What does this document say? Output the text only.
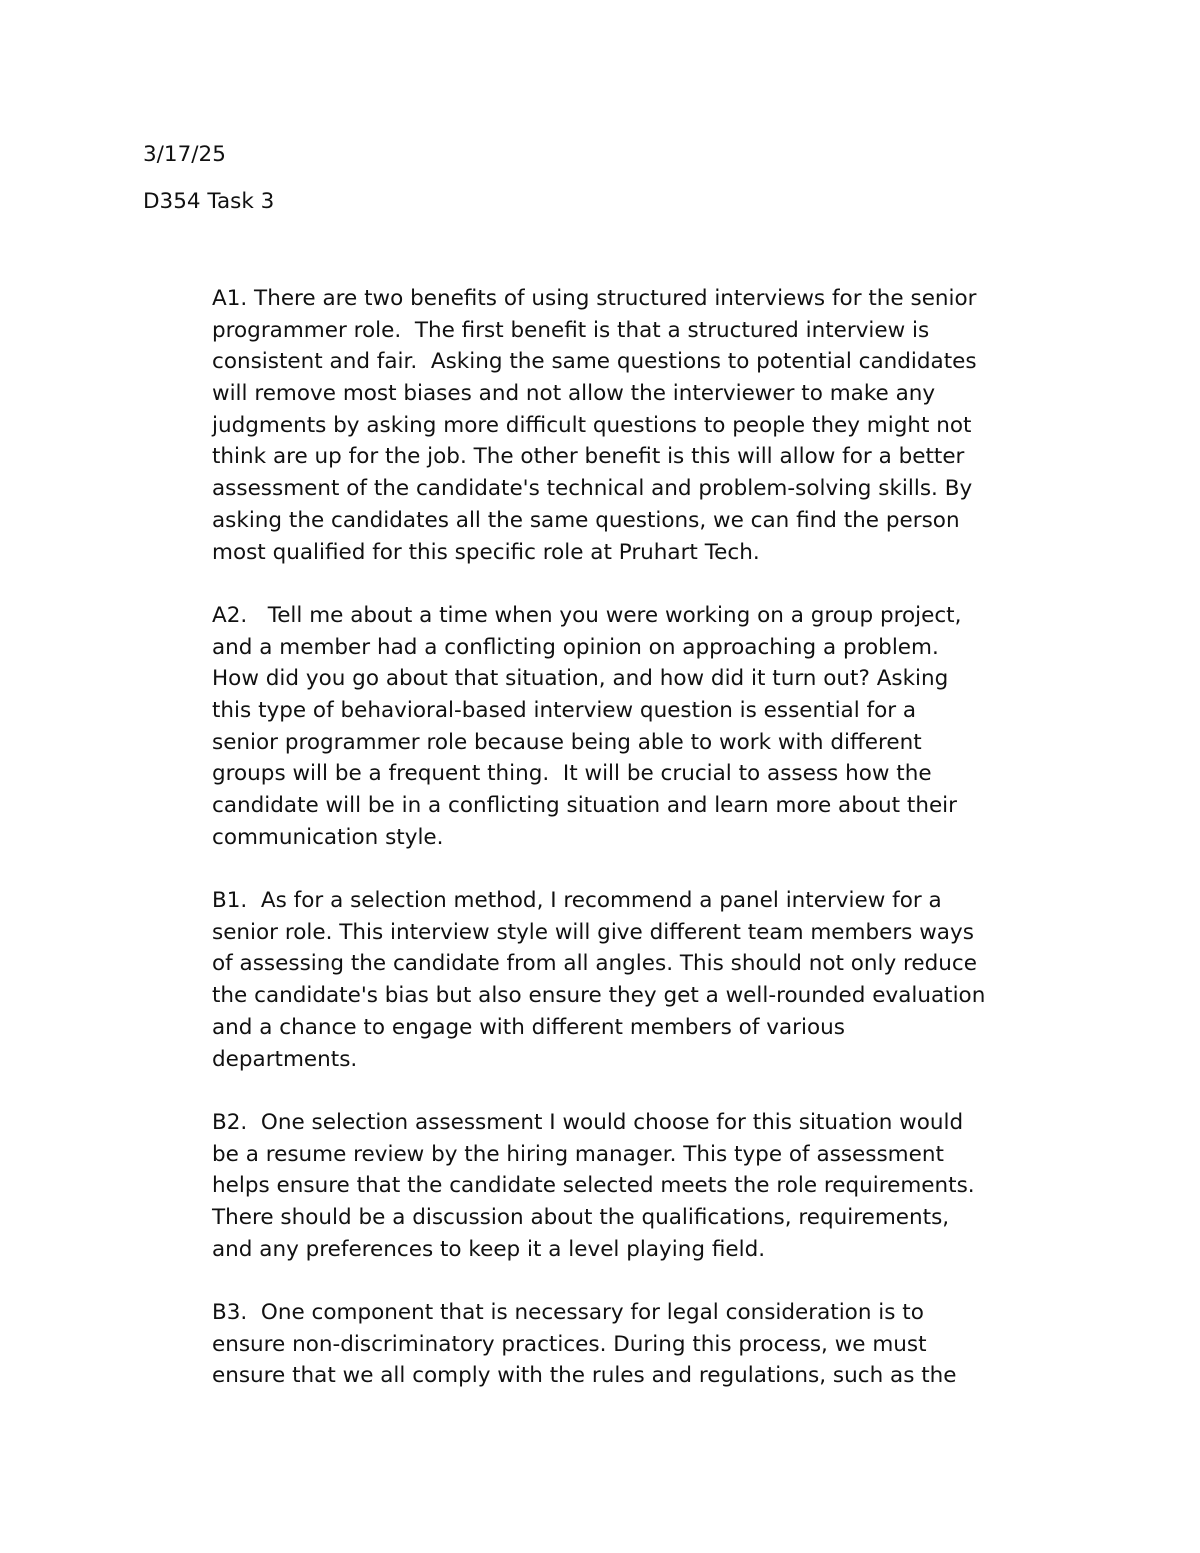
3/17/25
D354 Task 3
A1. There are two benefits of using structured interviews for the senior
programmer role.  The first benefit is that a structured interview is
consistent and fair.  Asking the same questions to potential candidates
will remove most biases and not allow the interviewer to make any
judgments by asking more difficult questions to people they might not
think are up for the job. The other benefit is this will allow for a better
assessment of the candidate's technical and problem-solving skills. By
asking the candidates all the same questions, we can find the person
most qualified for this specific role at Pruhart Tech.
A2.   Tell me about a time when you were working on a group project,
and a member had a conflicting opinion on approaching a problem.
How did you go about that situation, and how did it turn out? Asking
this type of behavioral-based interview question is essential for a
senior programmer role because being able to work with different
groups will be a frequent thing.  It will be crucial to assess how the
candidate will be in a conflicting situation and learn more about their
communication style.
B1.  As for a selection method, I recommend a panel interview for a
senior role. This interview style will give different team members ways
of assessing the candidate from all angles. This should not only reduce
the candidate's bias but also ensure they get a well-rounded evaluation
and a chance to engage with different members of various
departments.
B2.  One selection assessment I would choose for this situation would
be a resume review by the hiring manager. This type of assessment
helps ensure that the candidate selected meets the role requirements.
There should be a discussion about the qualifications, requirements,
and any preferences to keep it a level playing field.
B3.  One component that is necessary for legal consideration is to
ensure non-discriminatory practices. During this process, we must
ensure that we all comply with the rules and regulations, such as the
